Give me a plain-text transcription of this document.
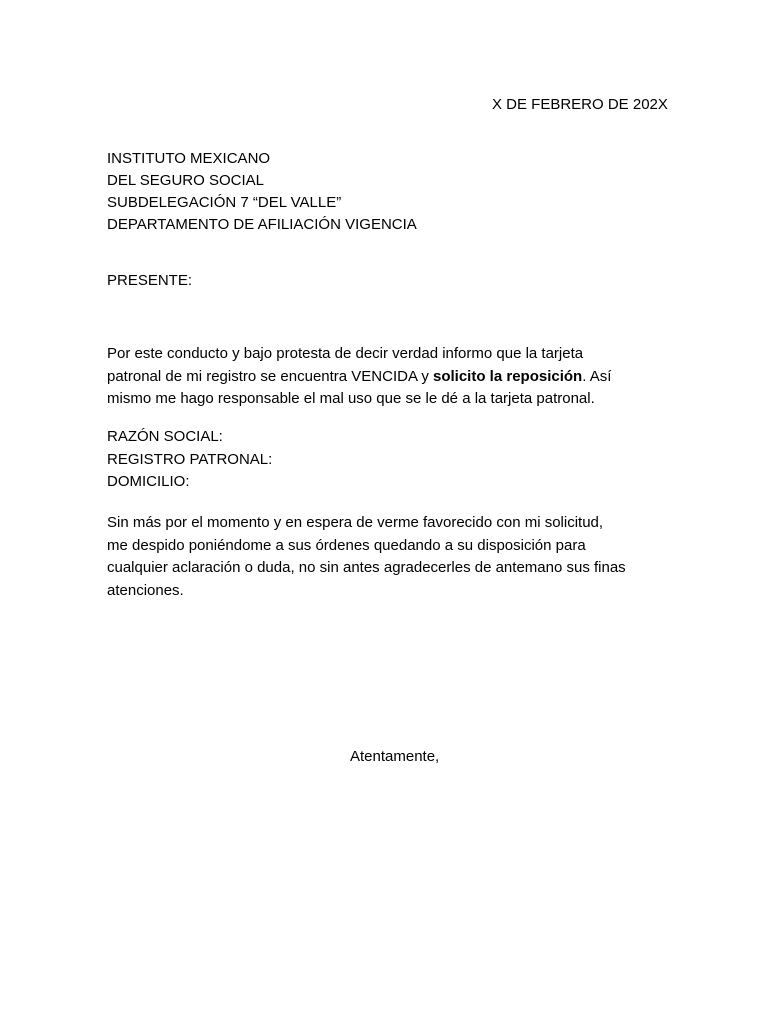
X DE FEBRERO DE 202X
INSTITUTO MEXICANO
DEL SEGURO SOCIAL
SUBDELEGACIÓN 7 “DEL VALLE”
DEPARTAMENTO DE AFILIACIÓN VIGENCIA
PRESENTE:
Por este conducto y bajo protesta de decir verdad informo que la tarjeta
patronal de mi registro se encuentra VENCIDA y solicito la reposición. Así
mismo me hago responsable el mal uso que se le dé a la tarjeta patronal.
RAZÓN SOCIAL:
REGISTRO PATRONAL:
DOMICILIO:
Sin más por el momento y en espera de verme favorecido con mi solicitud,
me despido poniéndome a sus órdenes quedando a su disposición para
cualquier aclaración o duda, no sin antes agradecerles de antemano sus finas
atenciones.
Atentamente,
